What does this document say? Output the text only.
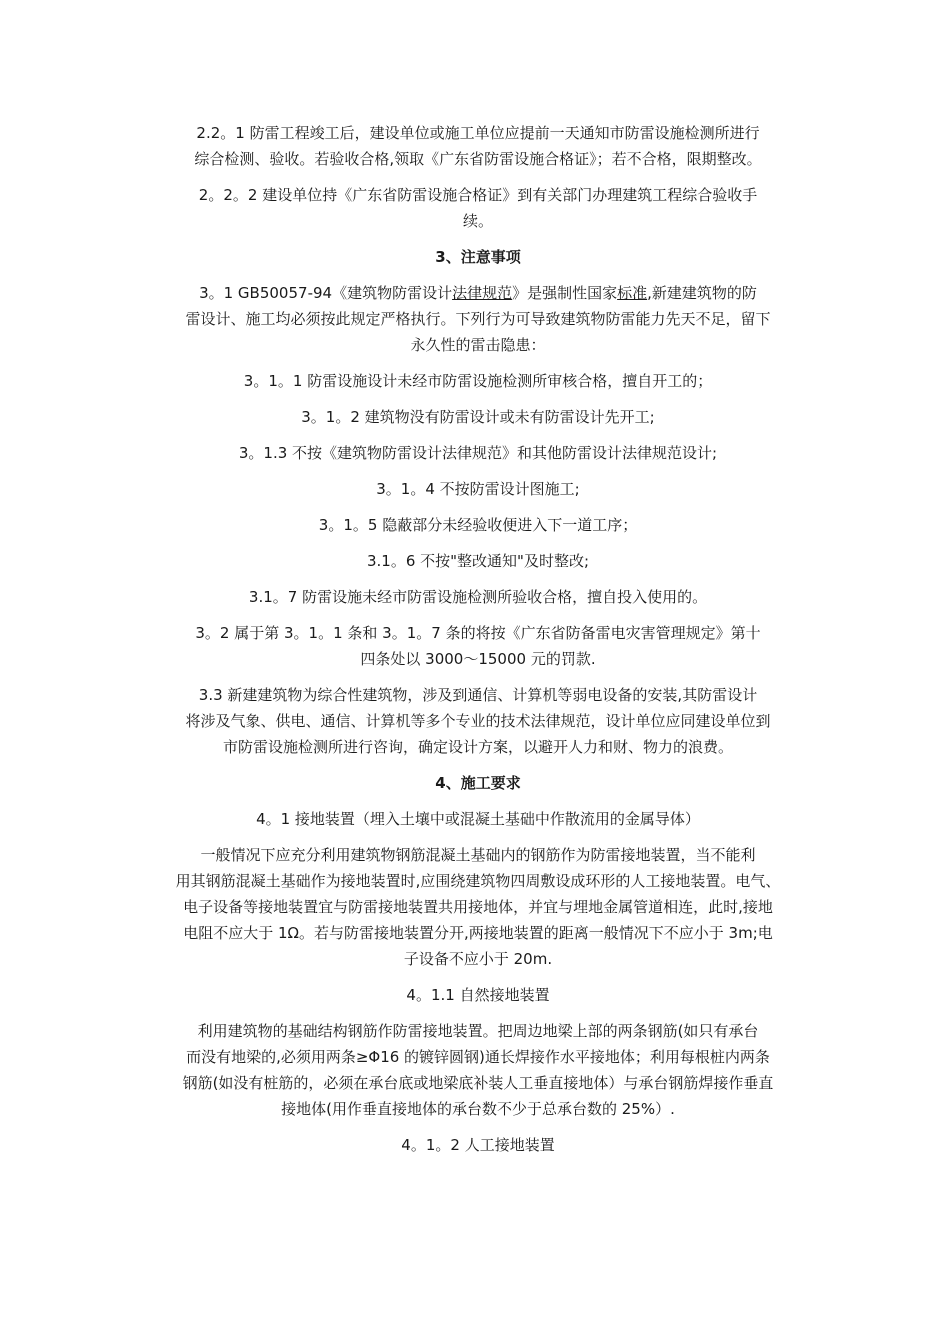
2.2。1 防雷工程竣工后，建设单位或施工单位应提前一天通知市防雷设施检测所进行
综合检测、验收。若验收合格,领取《广东省防雷设施合格证》；若不合格，限期整改。

2。2。2 建设单位持《广东省防雷设施合格证》到有关部门办理建筑工程综合验收手
续。

3、注意事项

3。1 GB50057-94《建筑物防雷设计法律规范》是强制性国家标准,新建建筑物的防
雷设计、施工均必须按此规定严格执行。下列行为可导致建筑物防雷能力先天不足，留下
永久性的雷击隐患：

3。1。1 防雷设施设计未经市防雷设施检测所审核合格，擅自开工的；

3。1。2 建筑物没有防雷设计或未有防雷设计先开工;

3。1.3 不按《建筑物防雷设计法律规范》和其他防雷设计法律规范设计;

3。1。4 不按防雷设计图施工;

3。1。5 隐蔽部分未经验收便进入下一道工序；

3.1。6 不按"整改通知"及时整改;

3.1。7 防雷设施未经市防雷设施检测所验收合格，擅自投入使用的。

3。2 属于第 3。1。1 条和 3。1。7 条的将按《广东省防备雷电灾害管理规定》第十
四条处以 3000～15000 元的罚款.

3.3 新建建筑物为综合性建筑物，涉及到通信、计算机等弱电设备的安装,其防雷设计
将涉及气象、供电、通信、计算机等多个专业的技术法律规范，设计单位应同建设单位到
市防雷设施检测所进行咨询，确定设计方案，以避开人力和财、物力的浪费。

4、施工要求

4。1 接地装置（埋入土壤中或混凝土基础中作散流用的金属导体）

一般情况下应充分利用建筑物钢筋混凝土基础内的钢筋作为防雷接地装置，当不能利
用其钢筋混凝土基础作为接地装置时,应围绕建筑物四周敷设成环形的人工接地装置。电气、
电子设备等接地装置宜与防雷接地装置共用接地体，并宜与埋地金属管道相连，此时,接地
电阻不应大于 1Ω。若与防雷接地装置分开,两接地装置的距离一般情况下不应小于 3m;电
子设备不应小于 20m.

4。1.1 自然接地装置

利用建筑物的基础结构钢筋作防雷接地装置。把周边地梁上部的两条钢筋(如只有承台
而没有地梁的,必须用两条≥Φ16 的镀锌圆钢)通长焊接作水平接地体；利用每根桩内两条
钢筋(如没有桩筋的，必须在承台底或地梁底补装人工垂直接地体）与承台钢筋焊接作垂直
接地体(用作垂直接地体的承台数不少于总承台数的 25%）.

4。1。2 人工接地装置
